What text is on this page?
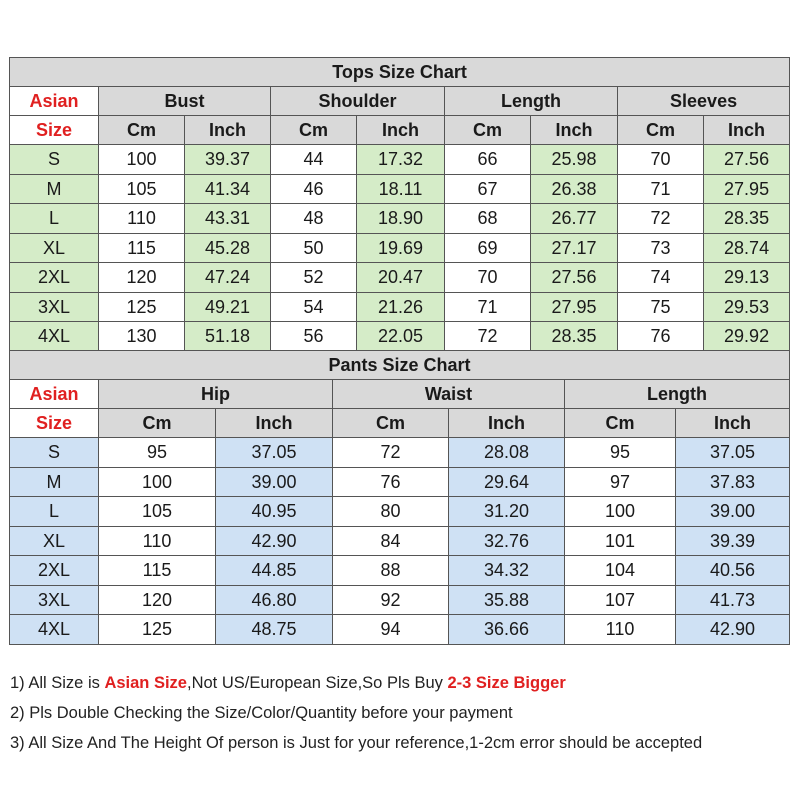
Tops Size Chart								
Asian	Bust		Shoulder		Length		Sleeves	
Size	Cm	Inch	Cm	Inch	Cm	Inch	Cm	Inch
S	100	39.37	44	17.32	66	25.98	70	27.56
M	105	41.34	46	18.11	67	26.38	71	27.95
L	110	43.31	48	18.90	68	26.77	72	28.35
XL	115	45.28	50	19.69	69	27.17	73	28.74
2XL	120	47.24	52	20.47	70	27.56	74	29.13
3XL	125	49.21	54	21.26	71	27.95	75	29.53
4XL	130	51.18	56	22.05	72	28.35	76	29.92
Pants Size Chart						
Asian	Hip		Waist		Length	
Size	Cm	Inch	Cm	Inch	Cm	Inch
S	95	37.05	72	28.08	95	37.05
M	100	39.00	76	29.64	97	37.83
L	105	40.95	80	31.20	100	39.00
XL	110	42.90	84	32.76	101	39.39
2XL	115	44.85	88	34.32	104	40.56
3XL	120	46.80	92	35.88	107	41.73
4XL	125	48.75	94	36.66	110	42.90
1) All Size is Asian Size,Not US/European Size,So Pls Buy 2-3 Size Bigger
2) Pls Double Checking the Size/Color/Quantity before your payment
3) All Size And The Height Of person is Just for your reference,1-2cm error should be accepted
